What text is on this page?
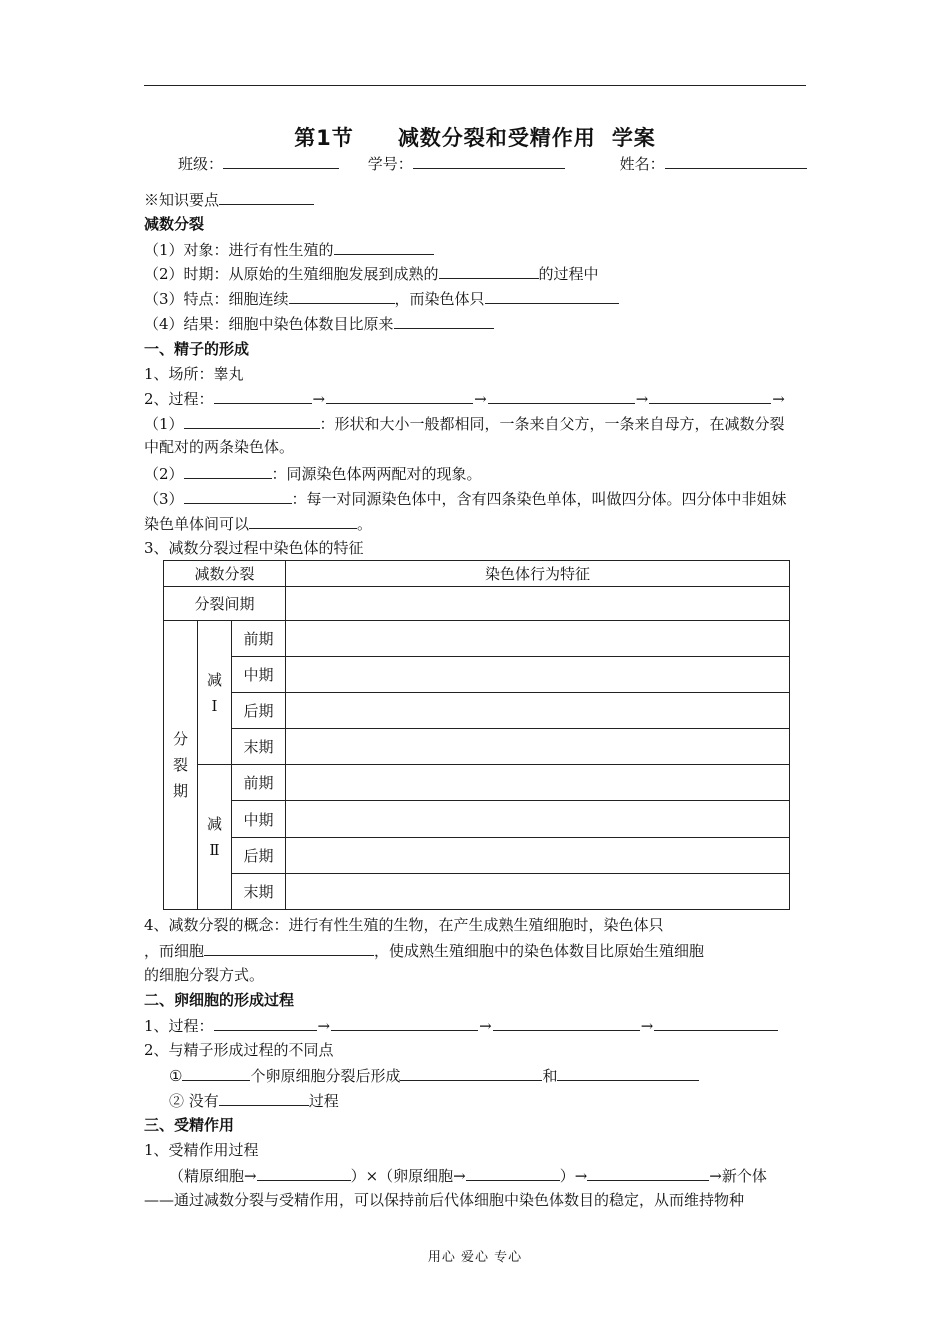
第1节 减数分裂和受精作用 学案
班级：	学号：	姓名：
※知识要点
减数分裂
（1）对象：进行有性生殖的
（2）时期：从原始的生殖细胞发展到成熟的	的过程中
（3）特点：细胞连续	，而染色体只
（4）结果：细胞中染色体数目比原来
一、精子的形成
1、场所：睾丸
2、过程：	→	→	→	→
（1）	：形状和大小一般都相同，一条来自父方，一条来自母方，在减数分裂
中配对的两条染色体。
（2）	：同源染色体两两配对的现象。
（3）	：每一对同源染色体中，含有四条染色单体，叫做四分体。四分体中非姐妹
染色单体间可以	。
3、减数分裂过程中染色体的特征
减数分裂			染色体行为特征
分裂间期			

分裂期	减Ⅰ	前期	
		中期	
		后期	
		末期	

	减Ⅱ	前期	
		中期	
		后期	
		末期	
4、减数分裂的概念：进行有性生殖的生物，在产生成熟生殖细胞时，染色体只
，而细胞	，使成熟生殖细胞中的染色体数目比原始生殖细胞
的细胞分裂方式。
二、卵细胞的形成过程
1、过程：	→	→	→
2、与精子形成过程的不同点
①	个卵原细胞分裂后形成	和
② 没有	过程
三、受精作用
1、受精作用过程
（精原细胞→	）×（卵原细胞→	）→	→新个体
——通过减数分裂与受精作用，可以保持前后代体细胞中染色体数目的稳定，从而维持物种
用心 爱心 专心
